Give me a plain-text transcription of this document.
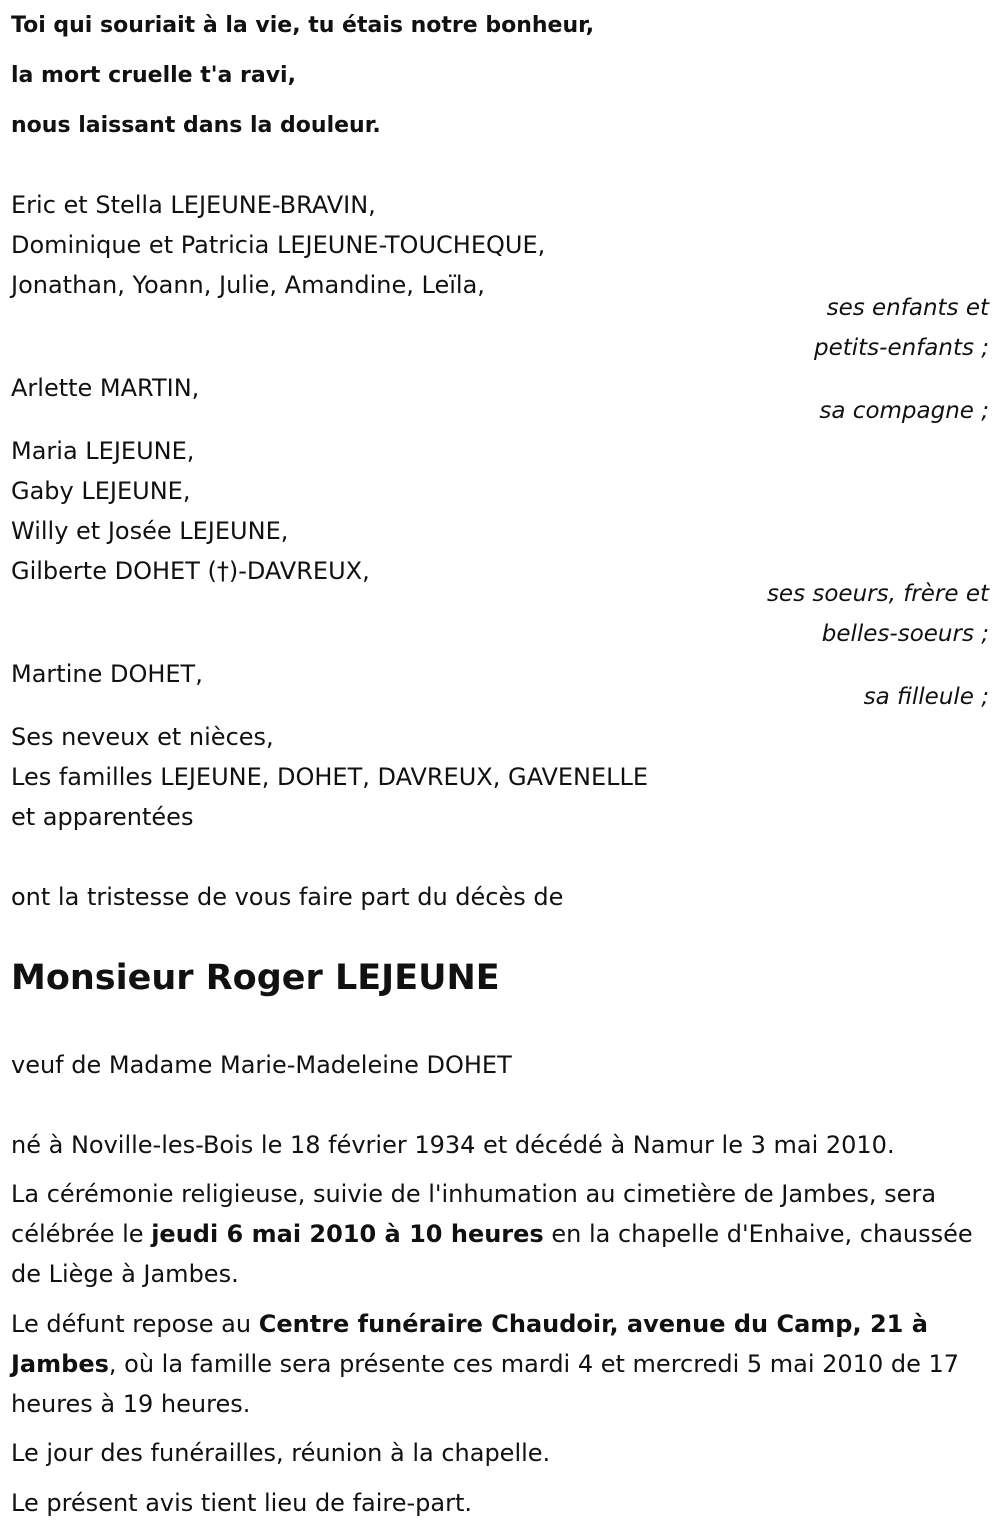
Toi qui souriait à la vie, tu étais notre bonheur,

la mort cruelle t'a ravi,

nous laissant dans la douleur.

Eric et Stella LEJEUNE-BRAVIN,

Dominique et Patricia LEJEUNE-TOUCHEQUE,

Jonathan, Yoann, Julie, Amandine, Leïla,

ses enfants et

petits-enfants ;

Arlette MARTIN,

sa compagne ;

Maria LEJEUNE,

Gaby LEJEUNE,

Willy et Josée LEJEUNE,

Gilberte DOHET (†)-DAVREUX,

ses soeurs, frère et

belles-soeurs ;

Martine DOHET,

sa filleule ;

Ses neveux et nièces,

Les familles LEJEUNE, DOHET, DAVREUX, GAVENELLE

et apparentées

ont la tristesse de vous faire part du décès de

Monsieur Roger LEJEUNE

veuf de Madame Marie-Madeleine DOHET

né à Noville-les-Bois le 18 février 1934 et décédé à Namur le 3 mai 2010.

La cérémonie religieuse, suivie de l'inhumation au cimetière de Jambes, sera célébrée le jeudi 6 mai 2010 à 10 heures en la chapelle d'Enhaive, chaussée de Liège à Jambes.

Le défunt repose au Centre funéraire Chaudoir, avenue du Camp, 21 à Jambes, où la famille sera présente ces mardi 4 et mercredi 5 mai 2010 de 17 heures à 19 heures.

Le jour des funérailles, réunion à la chapelle.

Le présent avis tient lieu de faire-part.
